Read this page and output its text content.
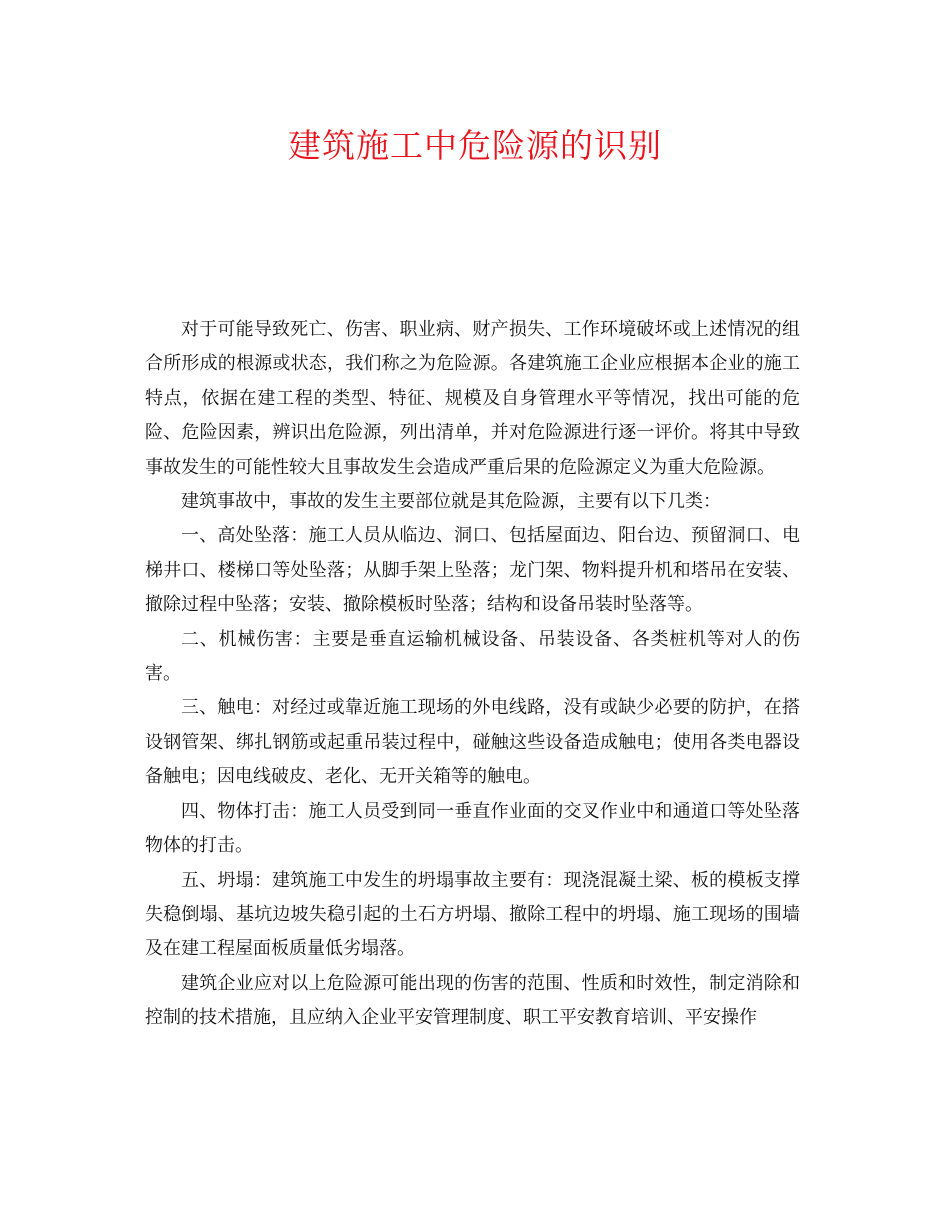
建筑施工中危险源的识别

对于可能导致死亡、伤害、职业病、财产损失、工作环境破坏或上述情况的组合所形成的根源或状态，我们称之为危险源。各建筑施工企业应根据本企业的施工特点，依据在建工程的类型、特征、规模及自身管理水平等情况，找出可能的危险、危险因素，辨识出危险源，列出清单，并对危险源进行逐一评价。将其中导致事故发生的可能性较大且事故发生会造成严重后果的危险源定义为重大危险源。

建筑事故中，事故的发生主要部位就是其危险源，主要有以下几类：

一、高处坠落：施工人员从临边、洞口、包括屋面边、阳台边、预留洞口、电梯井口、楼梯口等处坠落；从脚手架上坠落；龙门架、物料提升机和塔吊在安装、撤除过程中坠落；安装、撤除模板时坠落；结构和设备吊装时坠落等。

二、机械伤害：主要是垂直运输机械设备、吊装设备、各类桩机等对人的伤害。

三、触电：对经过或靠近施工现场的外电线路，没有或缺少必要的防护，在搭设钢管架、绑扎钢筋或起重吊装过程中，碰触这些设备造成触电；使用各类电器设备触电；因电线破皮、老化、无开关箱等的触电。

四、物体打击：施工人员受到同一垂直作业面的交叉作业中和通道口等处坠落物体的打击。

五、坍塌：建筑施工中发生的坍塌事故主要有：现浇混凝土梁、板的模板支撑失稳倒塌、基坑边坡失稳引起的土石方坍塌、撤除工程中的坍塌、施工现场的围墙及在建工程屋面板质量低劣塌落。

建筑企业应对以上危险源可能出现的伤害的范围、性质和时效性，制定消除和控制的技术措施，且应纳入企业平安管理制度、职工平安教育培训、平安操作
